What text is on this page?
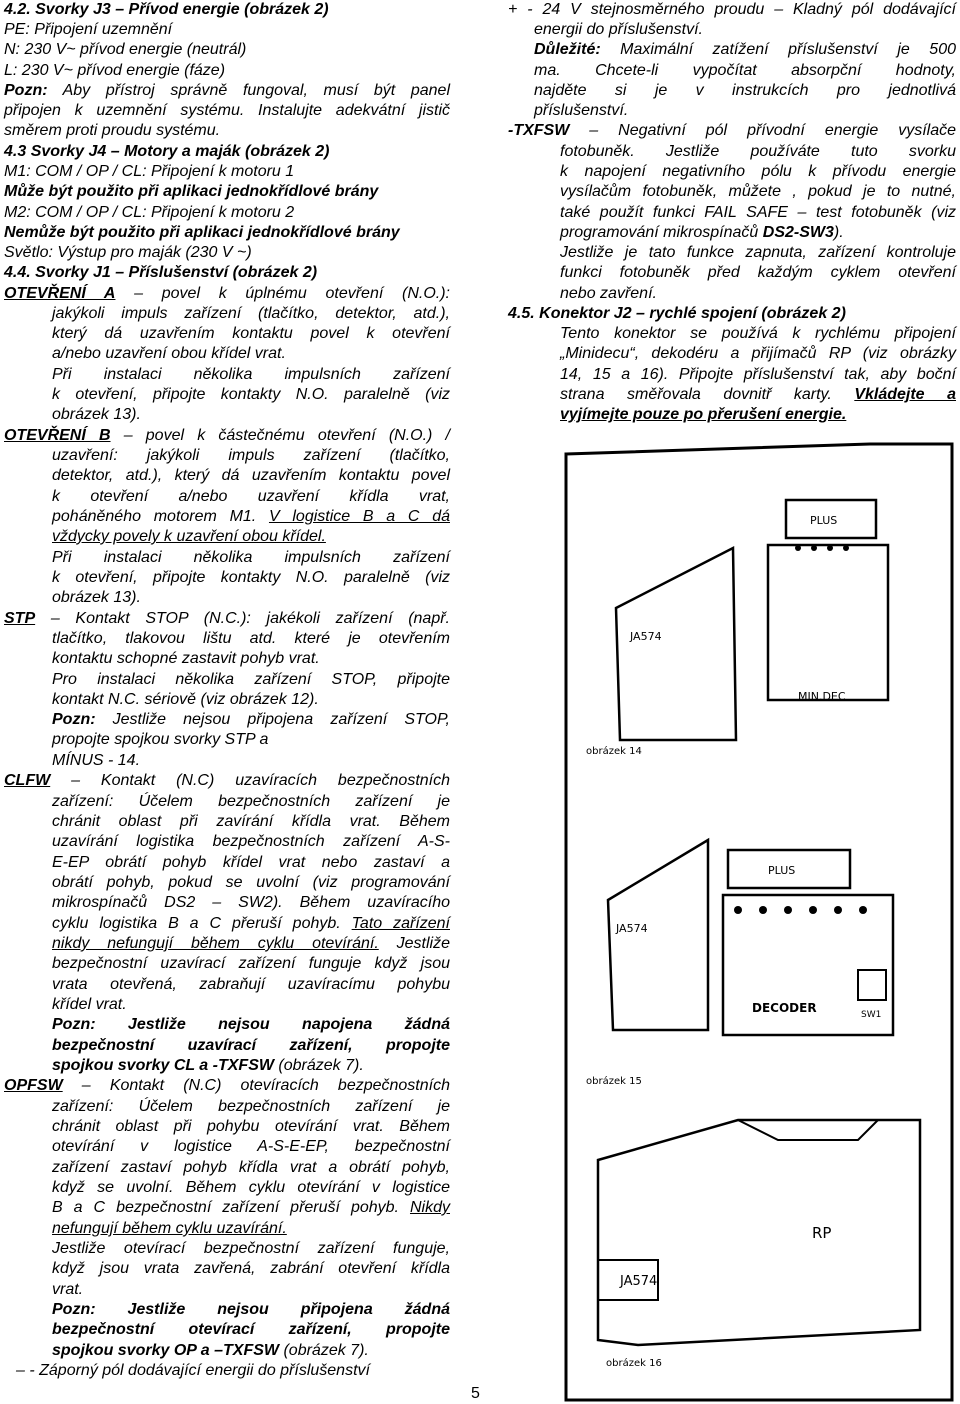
4.2. Svorky J3 – Přívod energie (obrázek 2)
PE: Připojení uzemnění
N: 230 V~ přívod energie (neutrál)
L: 230 V~ přívod energie (fáze)
Pozn: Aby přístroj správně fungoval, musí být panel
připojen k uzemnění systému. Instalujte adekvátní jistič
směrem proti proudu systému.
4.3 Svorky J4 – Motory a maják (obrázek 2)
M1: COM / OP / CL: Připojení k motoru 1
Může být použito při aplikaci jednokřídlové brány
M2: COM / OP / CL: Připojení k motoru 2
Nemůže být použito při aplikaci jednokřídlové brány
Světlo: Výstup pro maják (230 V ~)
4.4. Svorky J1 – Příslušenství (obrázek 2)
OTEVŘENÍ A – povel k úplnému otevření (N.O.):
jakýkoli impuls zařízení (tlačítko, detektor, atd.),
který dá uzavřením kontaktu povel k otevření
a/nebo uzavření obou křídel vrat.
Při instalaci několika impulsních zařízení
k otevření, připojte kontakty N.O. paralelně (viz
obrázek 13).
OTEVŘENÍ B – povel k částečnému otevření (N.O.) /
uzavření: jakýkoli impuls zařízení (tlačítko,
detektor, atd.), který dá uzavřením kontaktu povel
k otevření a/nebo uzavření křídla vrat,
poháněného motorem M1. V logistice B a C dá
vždycky povely k uzavření obou křídel.
Při instalaci několika impulsních zařízení
k otevření, připojte kontakty N.O. paralelně (viz
obrázek 13).
STP – Kontakt STOP (N.C.): jakékoli zařízení (např.
tlačítko, tlakovou lištu atd. které je otevřením
kontaktu schopné zastavit pohyb vrat.
Pro instalaci několika zařízení STOP, připojte
kontakt N.C. sériově (viz obrázek 12).
Pozn: Jestliže nejsou připojena zařízení STOP,
propojte spojkou svorky STP a
MÍNUS - 14.
CLFW – Kontakt (N.C) uzavíracích bezpečnostních
zařízení: Účelem bezpečnostních zařízení je
chránit oblast při zavírání křídla vrat. Během
uzavírání logistika bezpečnostních zařízení A-S-
E-EP obrátí pohyb křídel vrat nebo zastaví a
obrátí pohyb, pokud se uvolní (viz programování
mikrospínačů DS2 – SW2). Během uzavíracího
cyklu logistika B a C přeruší pohyb. Tato zařízení
nikdy nefungují během cyklu otevírání. Jestliže
bezpečnostní uzavírací zařízení funguje když jsou
vrata otevřená, zabraňují uzavíracímu pohybu
křídel vrat.
Pozn: Jestliže nejsou napojena žádná
bezpečnostní uzavírací zařízení, propojte
spojkou svorky CL a -TXFSW (obrázek 7).
OPFSW – Kontakt (N.C) otevíracích bezpečnostních
zařízení: Účelem bezpečnostních zařízení je
chránit oblast při pohybu otevírání vrat. Během
otevírání v logistice A-S-E-EP, bezpečnostní
zařízení zastaví pohyb křídla vrat a obrátí pohyb,
když se uvolní. Během cyklu otevírání v logistice
B a C bezpečnostní zařízení přeruší pohyb. Nikdy
nefungují během cyklu uzavírání.
Jestliže otevírací bezpečnostní zařízení funguje,
když jsou vrata zavřená, zabrání otevření křídla
vrat.
Pozn: Jestliže nejsou připojena žádná
bezpečnostní otevírací zařízení, propojte
spojkou svorky OP a –TXFSW (obrázek 7).
– - Záporný pól dodávající energii do příslušenství
+ - 24 V stejnosměrného proudu – Kladný pól dodávající
energii do příslušenství.
Důležité: Maximální zatížení příslušenství je 500
ma. Chcete-li vypočítat absorpční hodnoty,
najděte si je v instrukcích pro jednotlivá
příslušenství.
-TXFSW – Negativní pól přívodní energie vysílače
fotobuněk. Jestliže používáte tuto svorku
k napojení negativního pólu k přívodu energie
vysílačům fotobuněk, můžete , pokud je to nutné,
také použít funkci FAIL SAFE – test fotobuněk (viz
programování mikrospínačů DS2-SW3).
Jestliže je tato funkce zapnuta, zařízení kontroluje
funkci fotobuněk před každým cyklem otevření
nebo zavření.
4.5. Konektor J2 – rychlé spojení (obrázek 2)
Tento konektor se používá k rychlému připojení
„Minidecu“, dekodéru a přijímačů RP (viz obrázky
14, 15 a 16). Připojte příslušenství tak, aby boční
strana směřovala dovnitř karty. Vkládejte a
vyjímejte pouze po přerušení energie.
PLUS
JA574
MIN.DEC
obrázek 14
PLUS
JA574
DECODER	SW1
obrázek 15
RP
JA574
obrázek 16
5
